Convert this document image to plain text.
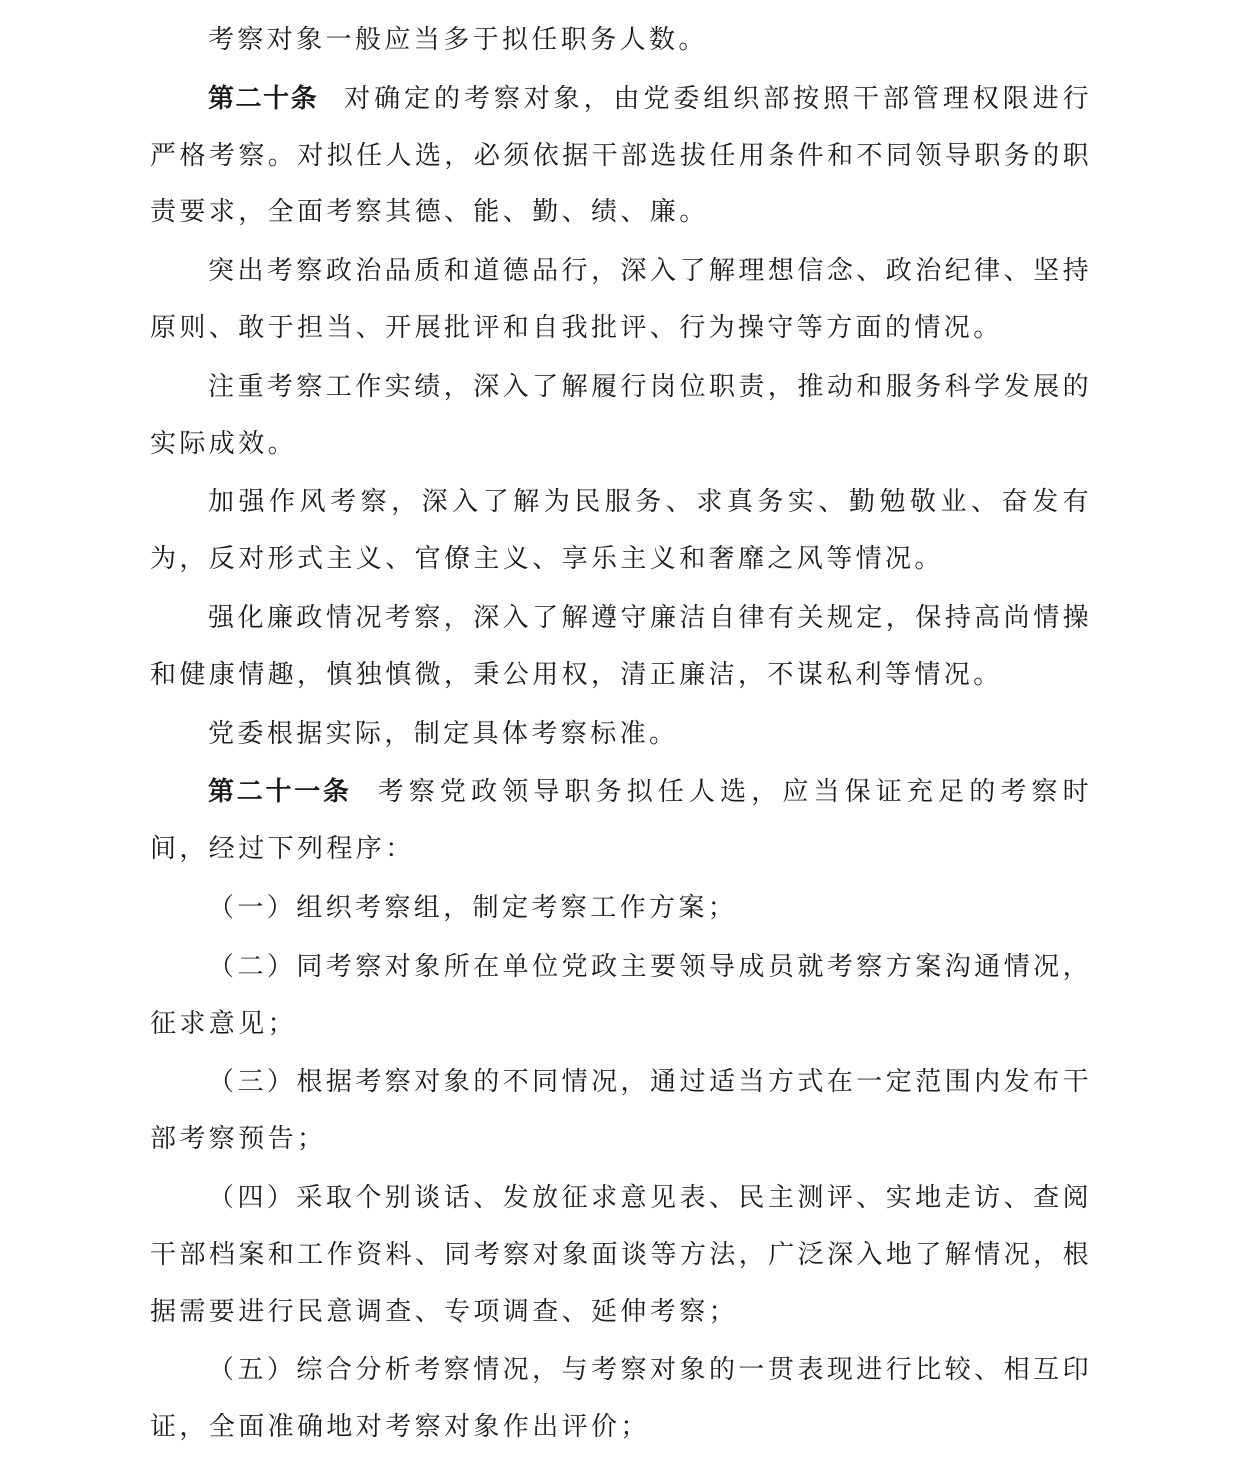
考察对象一般应当多于拟任职务人数。

第二十条 对确定的考察对象，由党委组织部按照干部管理权限进行严格考察。对拟任人选，必须依据干部选拔任用条件和不同领导职务的职责要求，全面考察其德、能、勤、绩、廉。

突出考察政治品质和道德品行，深入了解理想信念、政治纪律、坚持原则、敢于担当、开展批评和自我批评、行为操守等方面的情况。

注重考察工作实绩，深入了解履行岗位职责，推动和服务科学发展的实际成效。

加强作风考察，深入了解为民服务、求真务实、勤勉敬业、奋发有为，反对形式主义、官僚主义、享乐主义和奢靡之风等情况。

强化廉政情况考察，深入了解遵守廉洁自律有关规定，保持高尚情操和健康情趣，慎独慎微，秉公用权，清正廉洁，不谋私利等情况。

党委根据实际，制定具体考察标准。

第二十一条 考察党政领导职务拟任人选，应当保证充足的考察时间，经过下列程序：

（一）组织考察组，制定考察工作方案；

（二）同考察对象所在单位党政主要领导成员就考察方案沟通情况，征求意见；

（三）根据考察对象的不同情况，通过适当方式在一定范围内发布干部考察预告；

（四）采取个别谈话、发放征求意见表、民主测评、实地走访、查阅干部档案和工作资料、同考察对象面谈等方法，广泛深入地了解情况，根据需要进行民意调查、专项调查、延伸考察；

（五）综合分析考察情况，与考察对象的一贯表现进行比较、相互印证，全面准确地对考察对象作出评价；
